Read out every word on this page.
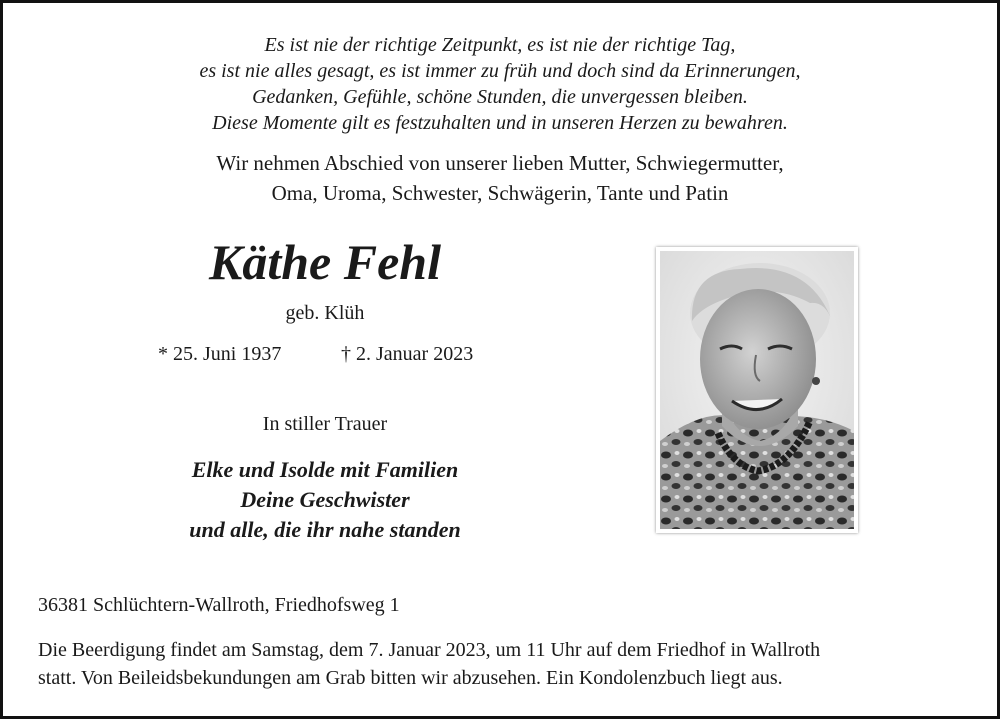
Es ist nie der richtige Zeitpunkt, es ist nie der richtige Tag,
es ist nie alles gesagt, es ist immer zu früh und doch sind da Erinnerungen,
Gedanken, Gefühle, schöne Stunden, die unvergessen bleiben.
Diese Momente gilt es festzuhalten und in unseren Herzen zu bewahren.
Wir nehmen Abschied von unserer lieben Mutter, Schwiegermutter,
Oma, Uroma, Schwester, Schwägerin, Tante und Patin
Käthe Fehl
geb. Klüh
* 25. Juni 1937	† 2. Januar 2023
In stiller Trauer
Elke und Isolde mit Familien
Deine Geschwister
und alle, die ihr nahe standen
36381 Schlüchtern-Wallroth, Friedhofsweg 1
Die Beerdigung findet am Samstag, dem 7. Januar 2023, um 11 Uhr auf dem Friedhof in Wallroth
statt. Von Beileidsbekundungen am Grab bitten wir abzusehen. Ein Kondolenzbuch liegt aus.
